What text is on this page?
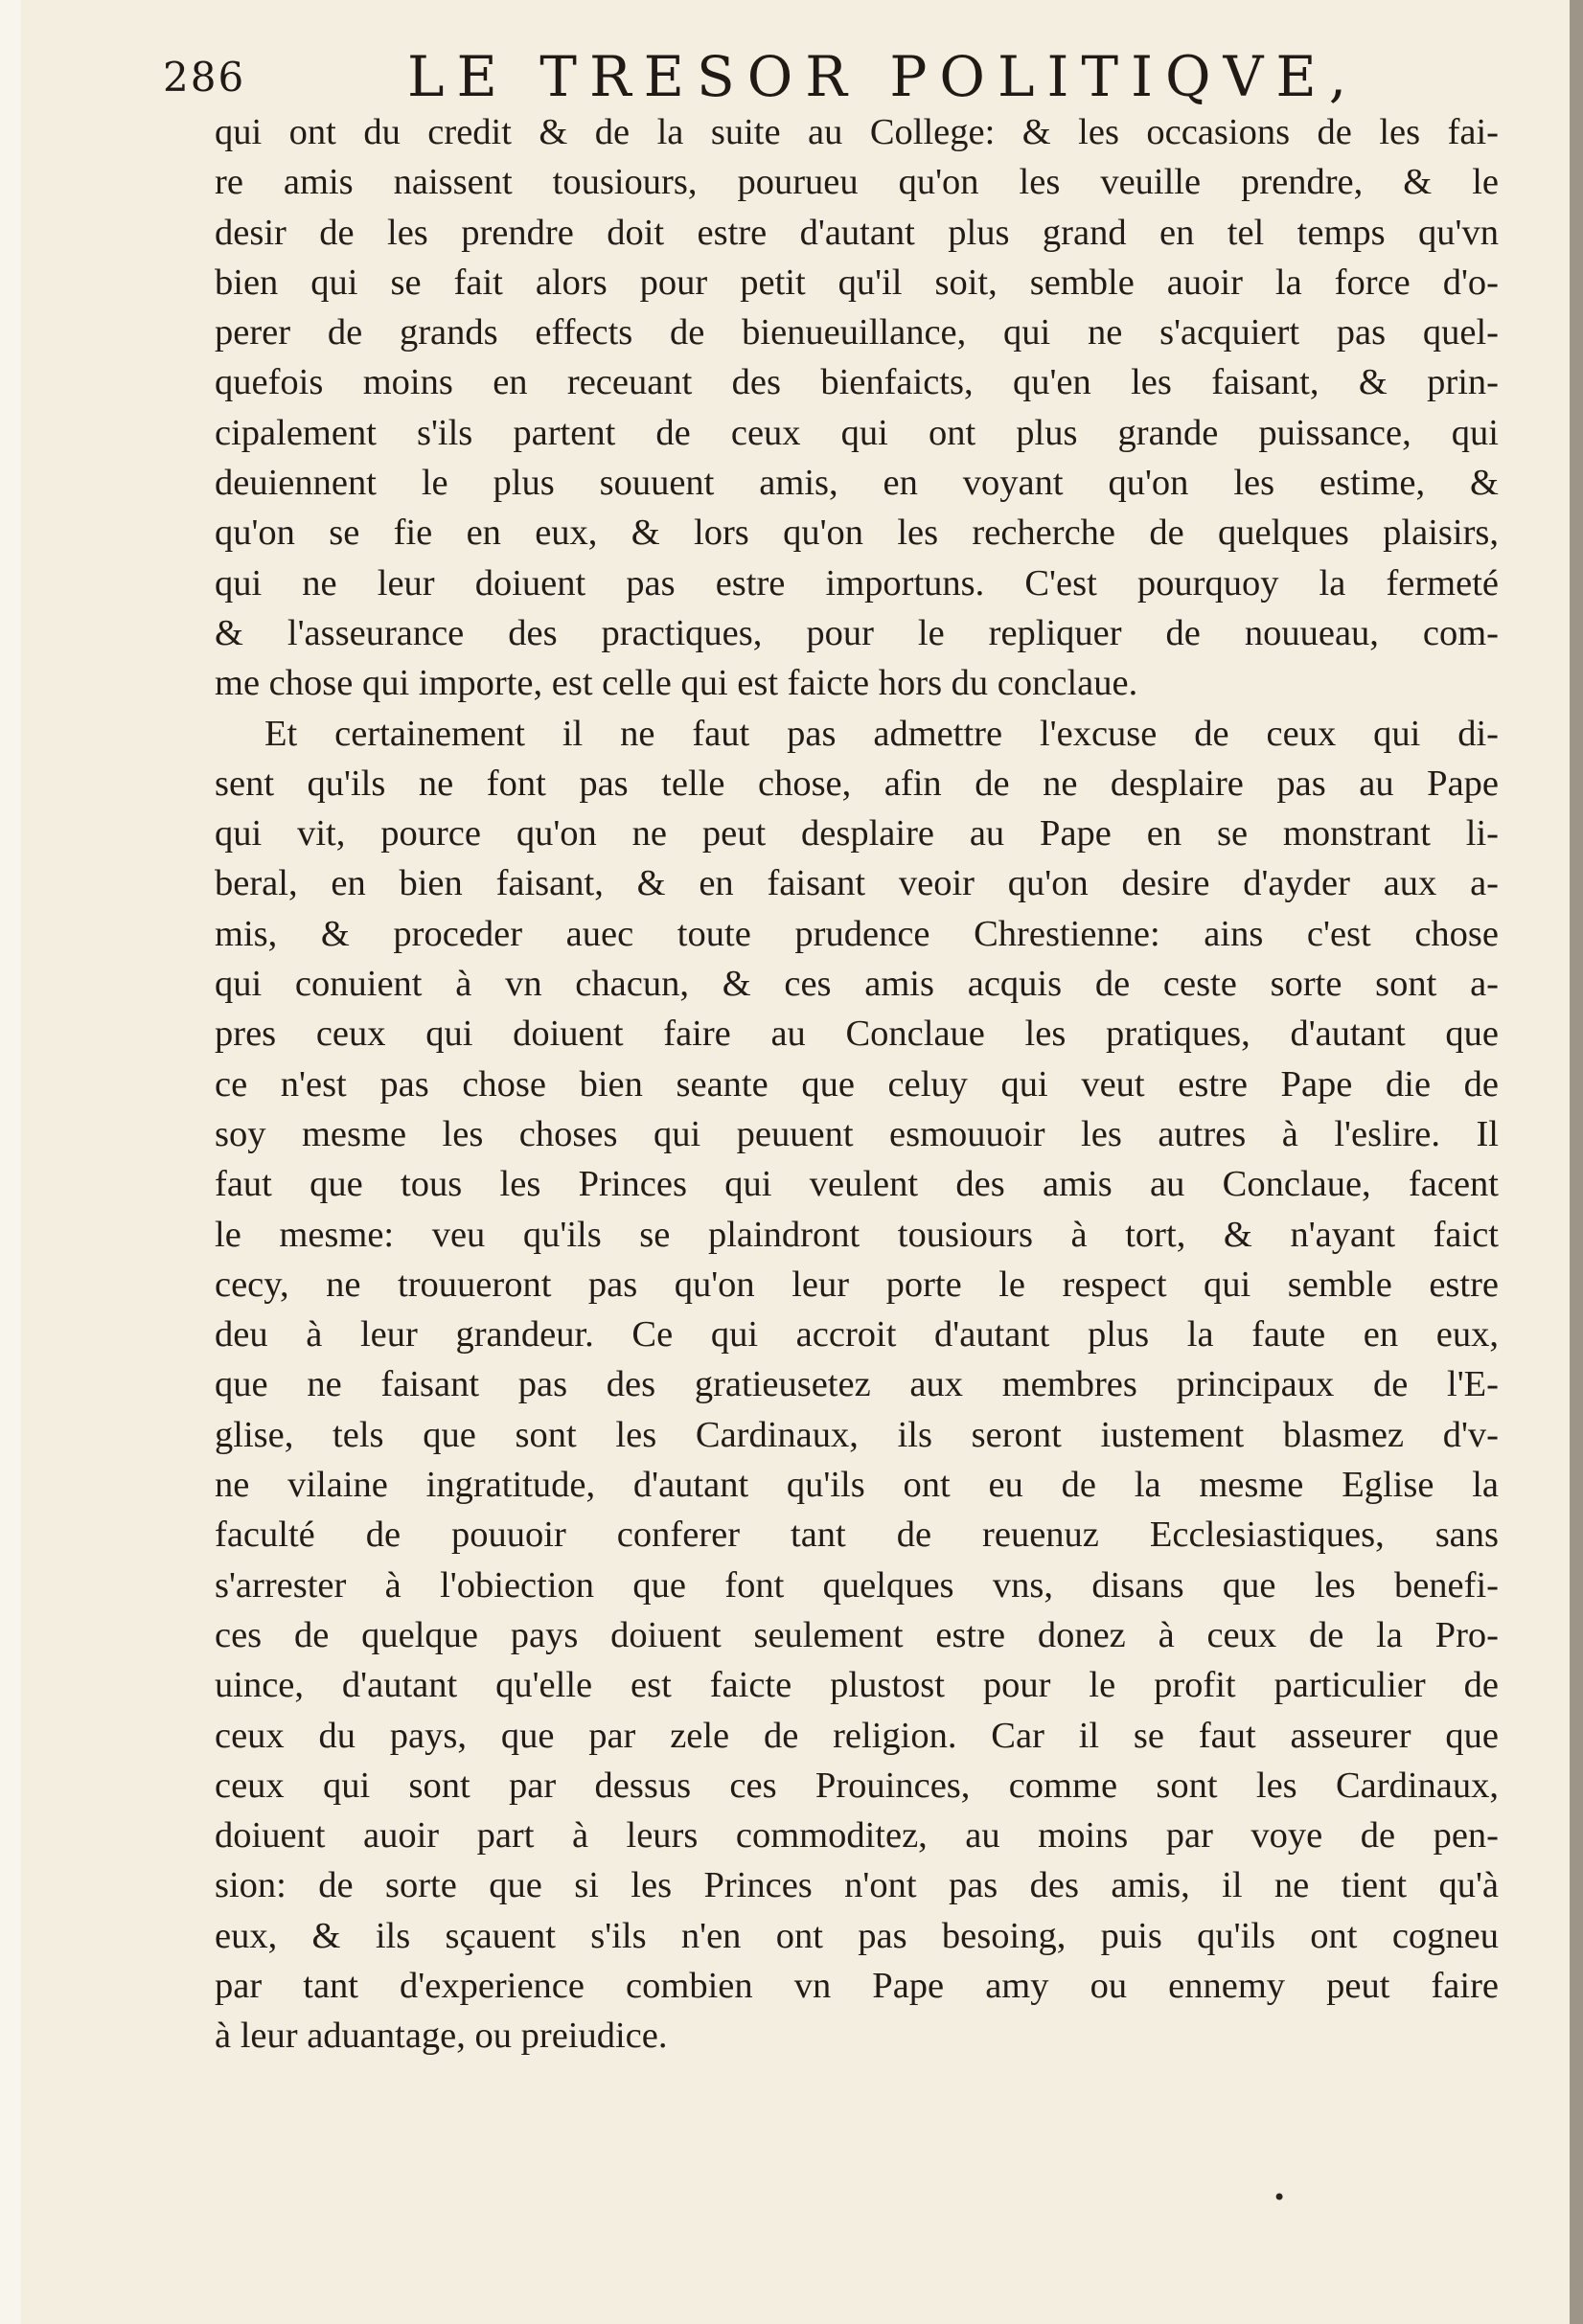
286	LE TRESOR POLITIQVE,
qui ont du credit & de la suite au College: & les occasions de les fai-
re amis naissent tousiours, pourueu qu'on les veuille prendre, & le
desir de les prendre doit estre d'autant plus grand en tel temps qu'vn
bien qui se fait alors pour petit qu'il soit, semble auoir la force d'o-
perer de grands effects de bienueuillance, qui ne s'acquiert pas quel-
quefois moins en receuant des bienfaicts, qu'en les faisant, & prin-
cipalement s'ils partent de ceux qui ont plus grande puissance, qui
deuiennent le plus souuent amis, en voyant qu'on les estime, &
qu'on se fie en eux, & lors qu'on les recherche de quelques plaisirs,
qui ne leur doiuent pas estre importuns. C'est pourquoy la fermeté
& l'asseurance des practiques, pour le repliquer de nouueau, com-
me chose qui importe, est celle qui est faicte hors du conclaue.
Et certainement il ne faut pas admettre l'excuse de ceux qui di-
sent qu'ils ne font pas telle chose, afin de ne desplaire pas au Pape
qui vit, pource qu'on ne peut desplaire au Pape en se monstrant li-
beral, en bien faisant, & en faisant veoir qu'on desire d'ayder aux a-
mis, & proceder auec toute prudence Chrestienne: ains c'est chose
qui conuient à vn chacun, & ces amis acquis de ceste sorte sont a-
pres ceux qui doiuent faire au Conclaue les pratiques, d'autant que
ce n'est pas chose bien seante que celuy qui veut estre Pape die de
soy mesme les choses qui peuuent esmouuoir les autres à l'eslire. Il
faut que tous les Princes qui veulent des amis au Conclaue, facent
le mesme: veu qu'ils se plaindront tousiours à tort, & n'ayant faict
cecy, ne trouueront pas qu'on leur porte le respect qui semble estre
deu à leur grandeur. Ce qui accroit d'autant plus la faute en eux,
que ne faisant pas des gratieusetez aux membres principaux de l'E-
glise, tels que sont les Cardinaux, ils seront iustement blasmez d'v-
ne vilaine ingratitude, d'autant qu'ils ont eu de la mesme Eglise la
faculté de pouuoir conferer tant de reuenuz Ecclesiastiques, sans
s'arrester à l'obiection que font quelques vns, disans que les benefi-
ces de quelque pays doiuent seulement estre donez à ceux de la Pro-
uince, d'autant qu'elle est faicte plustost pour le profit particulier de
ceux du pays, que par zele de religion. Car il se faut asseurer que
ceux qui sont par dessus ces Prouinces, comme sont les Cardinaux,
doiuent auoir part à leurs commoditez, au moins par voye de pen-
sion: de sorte que si les Princes n'ont pas des amis, il ne tient qu'à
eux, & ils sçauent s'ils n'en ont pas besoing, puis qu'ils ont cogneu
par tant d'experience combien vn Pape amy ou ennemy peut faire
à leur aduantage, ou preiudice.
•
